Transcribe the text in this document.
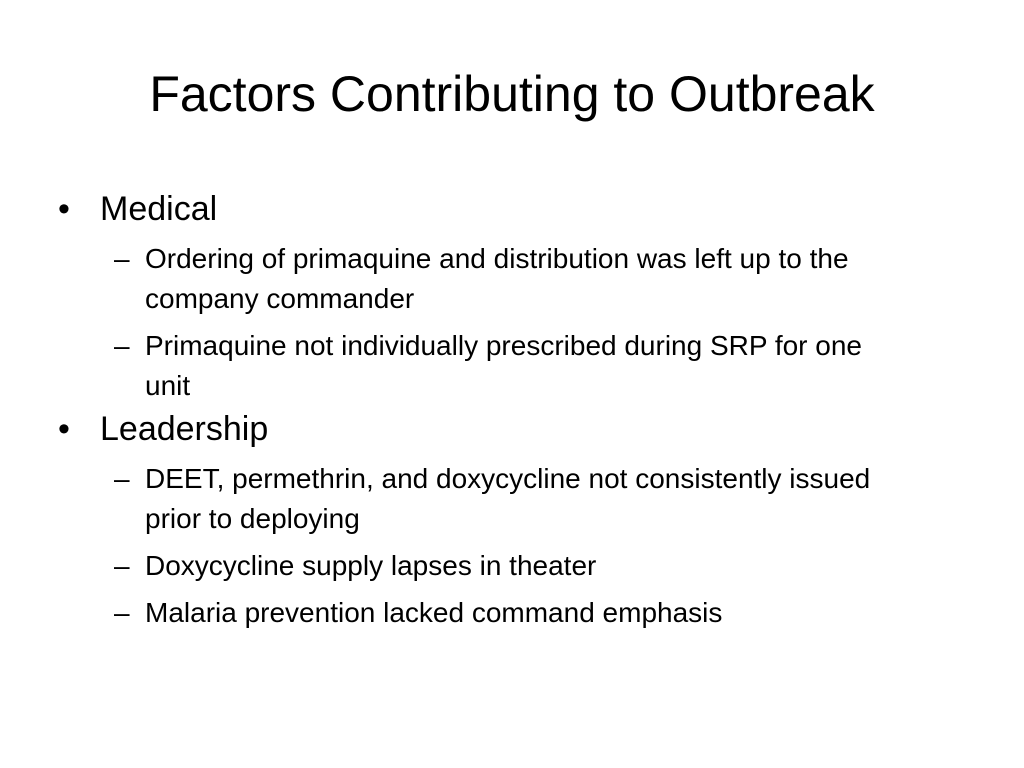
Factors Contributing to Outbreak
• Medical
– Ordering of primaquine and distribution was left up to the company commander
– Primaquine not individually prescribed during SRP for one unit
• Leadership
– DEET, permethrin, and doxycycline not consistently issued prior to deploying
– Doxycycline supply lapses in theater
– Malaria prevention lacked command emphasis
